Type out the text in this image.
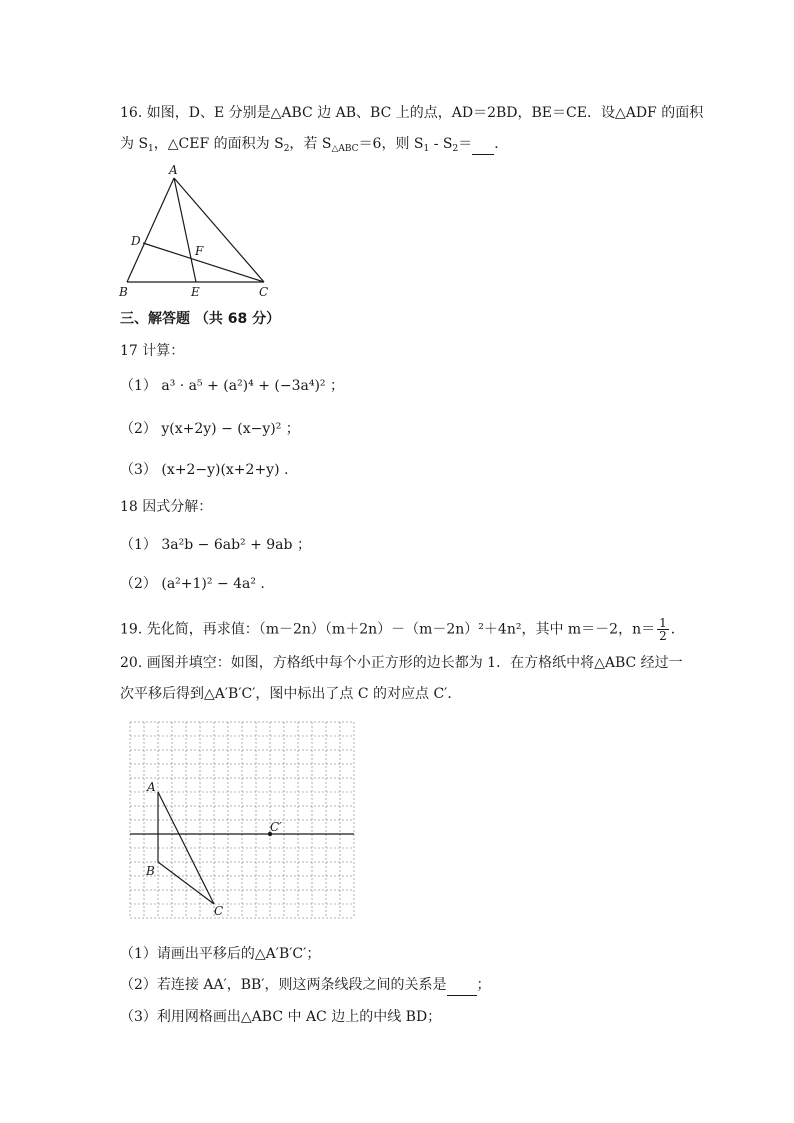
16. 如图，D、E 分别是△ABC 边 AB、BC 上的点，AD＝2BD，BE＝CE．设△ADF 的面积
为 $S_1$，△CEF 的面积为 $S_2$，若 $S_{\triangle ABC}=6$，则 $S_1 - S_2=$ ．
A
D
F
B	E	C
三、解答题 （共 68 分）
17 计算：
（1） a³ · a⁵ + (a²)⁴ + (−3a⁴)² ；
（2） y(x+2y) − (x−y)² ；
（3） (x+2−y)(x+2+y) .
18 因式分解：
（1） 3a²b − 6ab² + 9ab ；
（2） (a²+1)² − 4a² .
19. 先化简，再求值：（m－2n）（m＋2n）－（m－2n）²＋4n²，其中 m＝－2，$n= \frac{1}{2}$ ．
20. 画图并填空：如图，方格纸中每个小正方形的边长都为 1．在方格纸中将△ABC 经过一
次平移后得到△A′B′C′，图中标出了点 C 的对应点 C′．
A
B
C
C′
（1）请画出平移后的△A′B′C′；
（2）若连接 AA′，BB′，则这两条线段之间的关系是 ；
（3）利用网格画出△ABC 中 AC 边上的中线 BD；
